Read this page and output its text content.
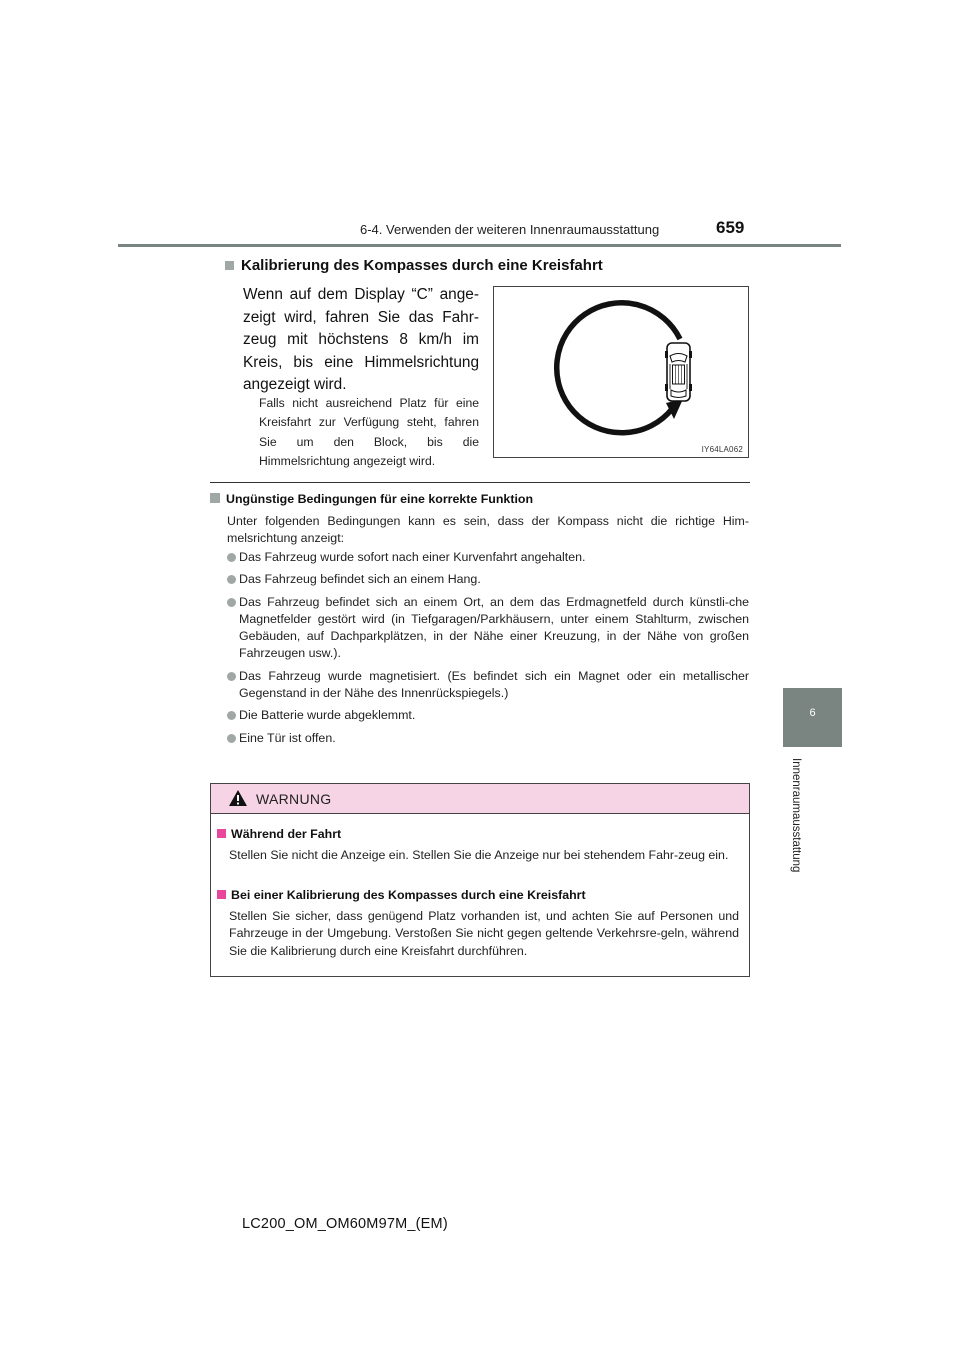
6-4. Verwenden der weiteren Innenraumausstattung	659
6
Innenraumausstattung
Kalibrierung des Kompasses durch eine Kreisfahrt
Wenn auf dem Display “C” ange-zeigt wird, fahren Sie das Fahr-zeug mit höchstens 8 km/h im Kreis, bis eine Himmelsrichtung angezeigt wird.
Falls nicht ausreichend Platz für eine Kreisfahrt zur Verfügung steht, fahren Sie um den Block, bis die Himmelsrichtung angezeigt wird.
IY64LA062
Ungünstige Bedingungen für eine korrekte Funktion
Unter folgenden Bedingungen kann es sein, dass der Kompass nicht die richtige Him-melsrichtung anzeigt:
Das Fahrzeug wurde sofort nach einer Kurvenfahrt angehalten.
Das Fahrzeug befindet sich an einem Hang.
Das Fahrzeug befindet sich an einem Ort, an dem das Erdmagnetfeld durch künstli-che Magnetfelder gestört wird (in Tiefgaragen/Parkhäusern, unter einem Stahlturm, zwischen Gebäuden, auf Dachparkplätzen, in der Nähe einer Kreuzung, in der Nähe von großen Fahrzeugen usw.).
Das Fahrzeug wurde magnetisiert. (Es befindet sich ein Magnet oder ein metallischer Gegenstand in der Nähe des Innenrückspiegels.)
Die Batterie wurde abgeklemmt.
Eine Tür ist offen.
WARNUNG
Während der Fahrt
Stellen Sie nicht die Anzeige ein. Stellen Sie die Anzeige nur bei stehendem Fahr-zeug ein.
Bei einer Kalibrierung des Kompasses durch eine Kreisfahrt
Stellen Sie sicher, dass genügend Platz vorhanden ist, und achten Sie auf Personen und Fahrzeuge in der Umgebung. Verstoßen Sie nicht gegen geltende Verkehrsre-geln, während Sie die Kalibrierung durch eine Kreisfahrt durchführen.
LC200_OM_OM60M97M_(EM)
